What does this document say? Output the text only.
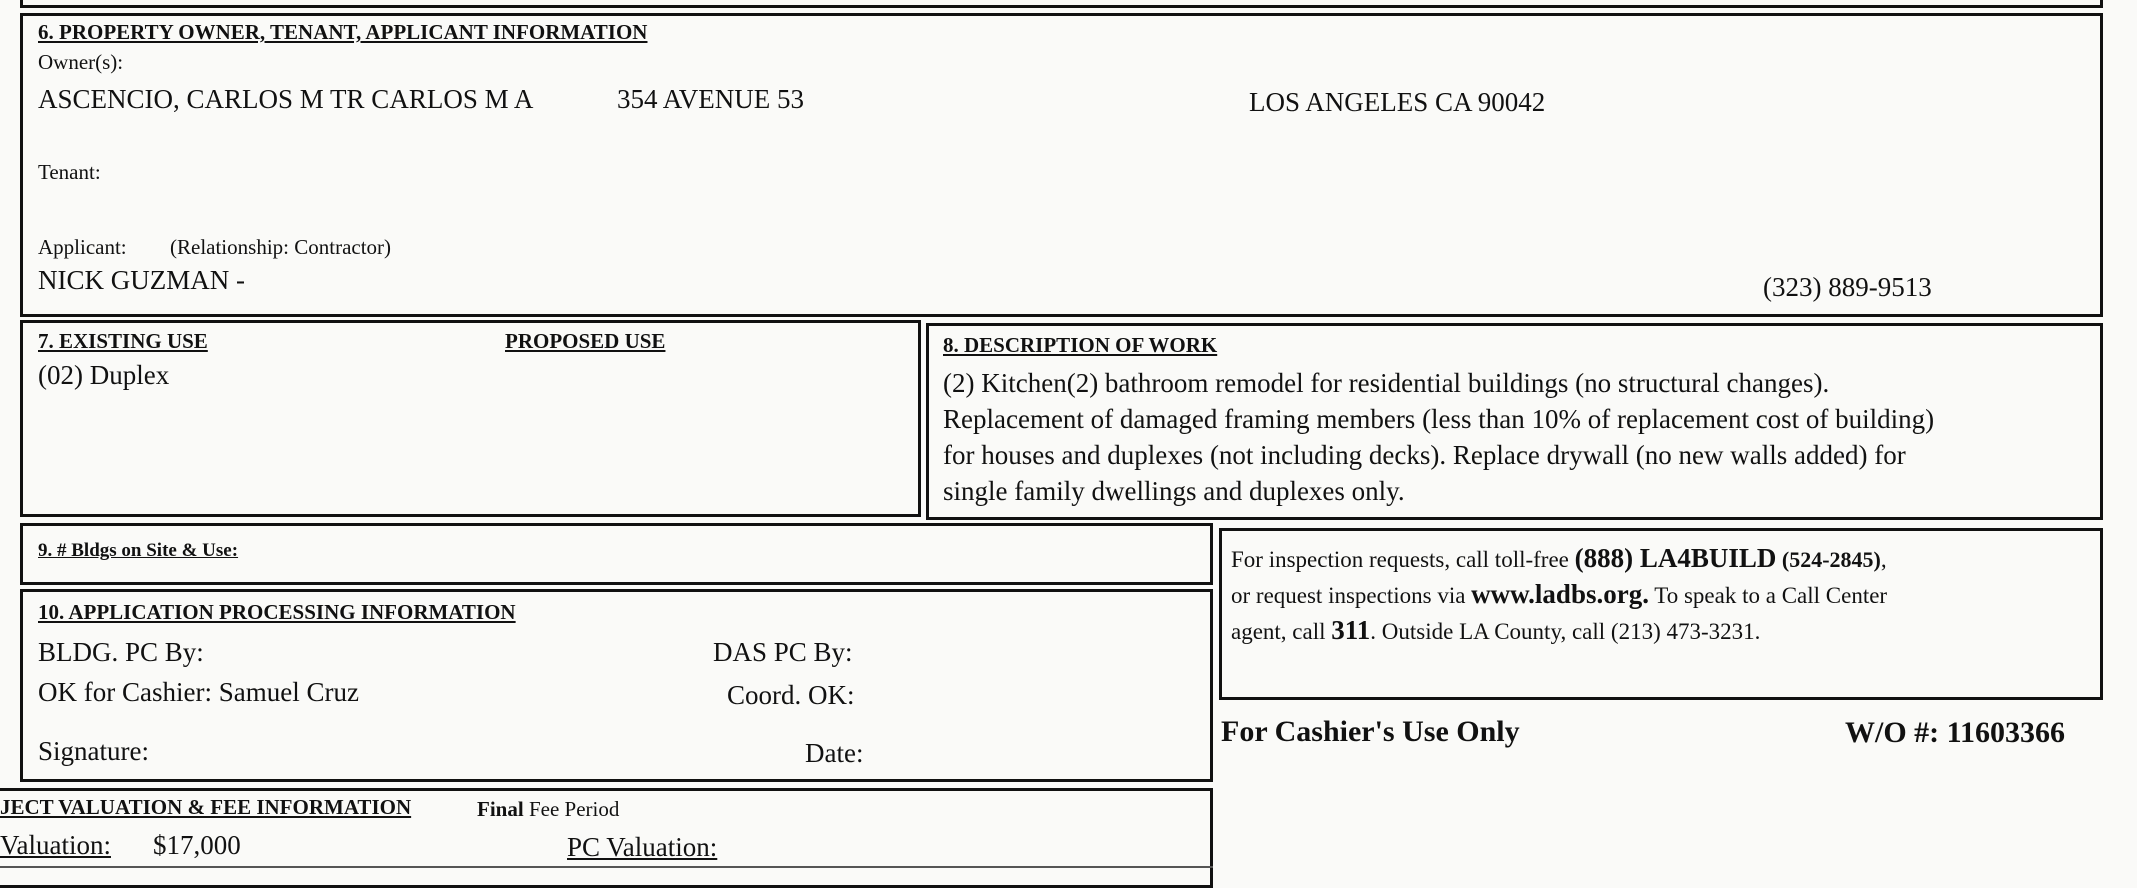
6. PROPERTY OWNER, TENANT, APPLICANT INFORMATION
Owner(s):
ASCENCIO, CARLOS M TR CARLOS M A	354 AVENUE 53	LOS ANGELES CA 90042
Tenant:
Applicant: (Relationship: Contractor)
NICK GUZMAN -	(323) 889-9513
7. EXISTING USE	PROPOSED USE
(02) Duplex
8. DESCRIPTION OF WORK
(2) Kitchen(2) bathroom remodel for residential buildings (no structural changes).
Replacement of damaged framing members (less than 10% of replacement cost of building)
for houses and duplexes (not including decks). Replace drywall (no new walls added) for
single family dwellings and duplexes only.
9. # Bldgs on Site & Use:	For inspection requests, call toll-free (888) LA4BUILD (524-2845),
or request inspections via www.ladbs.org. To speak to a Call Center
agent, call 311. Outside LA County, call (213) 473-3231.
10. APPLICATION PROCESSING INFORMATION
BLDG. PC By:	DAS PC By:
OK for Cashier: Samuel Cruz	Coord. OK:
Signature:	Date:
For Cashier's Use Only	W/O #: 11603366
JECT VALUATION & FEE INFORMATION	Final Fee Period
Valuation: $17,000	PC Valuation:
